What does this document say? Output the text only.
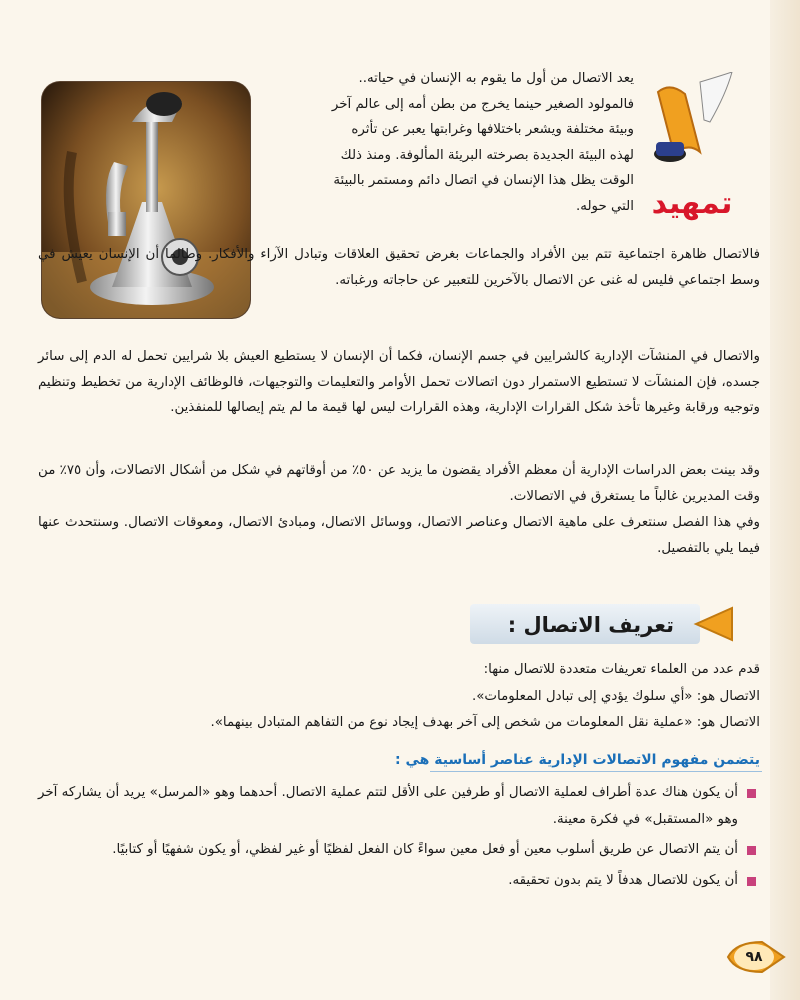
تمهيد

يعد الاتصال من أول ما يقوم به الإنسان في حياته..

فالمولود الصغير حينما يخرج من بطن أمه إلى عالم آخر

وبيئة مختلفة ويشعر باختلافها وغرابتها يعبر عن تأثره

لهذه البيئة الجديدة بصرخته البريئة المألوفة. ومنذ ذلك

الوقت يظل هذا الإنسان في اتصال دائم ومستمر بالبيئة

التي حوله.

فالاتصال ظاهرة اجتماعية تتم بين الأفراد والجماعات بغرض تحقيق العلاقات وتبادل الآراء والأفكار. وطالما أن الإنسان يعيش في وسط اجتماعي فليس له غنى عن الاتصال بالآخرين للتعبير عن حاجاته ورغباته.
والاتصال في المنشآت الإدارية كالشرايين في جسم الإنسان، فكما أن الإنسان لا يستطيع العيش بلا شرايين تحمل له الدم إلى سائر جسده، فإن المنشآت لا تستطيع الاستمرار دون اتصالات تحمل الأوامر والتعليمات والتوجيهات، فالوظائف الإدارية من تخطيط وتنظيم وتوجيه ورقابة وغيرها تأخذ شكل القرارات الإدارية، وهذه القرارات ليس لها قيمة ما لم يتم إيصالها للمنفذين.
وقد بينت بعض الدراسات الإدارية أن معظم الأفراد يقضون ما يزيد عن ٥٠٪ من أوقاتهم في شكل من أشكال الاتصالات، وأن ٧٥٪ من وقت المديرين غالباً ما يستغرق في الاتصالات.
وفي هذا الفصل سنتعرف على ماهية الاتصال وعناصر الاتصال، ووسائل الاتصال، ومبادئ الاتصال، ومعوقات الاتصال. وسنتحدث عنها فيما يلي بالتفصيل.
تعريف الاتصال :
قدم عدد من العلماء تعريفات متعددة للاتصال منها:
الاتصال هو: «أي سلوك يؤدي إلى تبادل المعلومات».
الاتصال هو: «عملية نقل المعلومات من شخص إلى آخر بهدف إيجاد نوع من التفاهم المتبادل بينهما».
يتضمن مفهوم الاتصالات الإدارية عناصر أساسية هي :
أن يكون هناك عدة أطراف لعملية الاتصال أو طرفين على الأقل لتتم عملية الاتصال. أحدهما وهو «المرسل» يريد أن يشاركه آخر وهو «المستقبل» في فكرة معينة.
أن يتم الاتصال عن طريق أسلوب معين أو فعل معين سواءً كان الفعل لفظيًا أو غير لفظي، أو يكون شفهيًا أو كتابيًا.
أن يكون للاتصال هدفاً لا يتم بدون تحقيقه.
٩٨
